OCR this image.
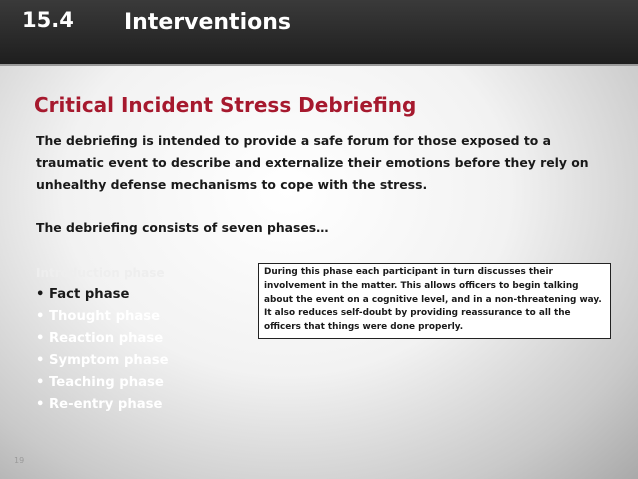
15.4 Interventions
Critical Incident Stress Debriefing
The debriefing is intended to provide a safe forum for those exposed to a traumatic event to describe and externalize their emotions before they rely on unhealthy defense mechanisms to cope with the stress.
The debriefing consists of seven phases…
Introduction phase
• Fact phase
• Thought phase
• Reaction phase
• Symptom phase
• Teaching phase
• Re-entry phase
During this phase each participant in turn discusses their involvement in the matter. This allows officers to begin talking about the event on a cognitive level, and in a non-threatening way. It also reduces self-doubt by providing reassurance to all the officers that things were done properly.
19
